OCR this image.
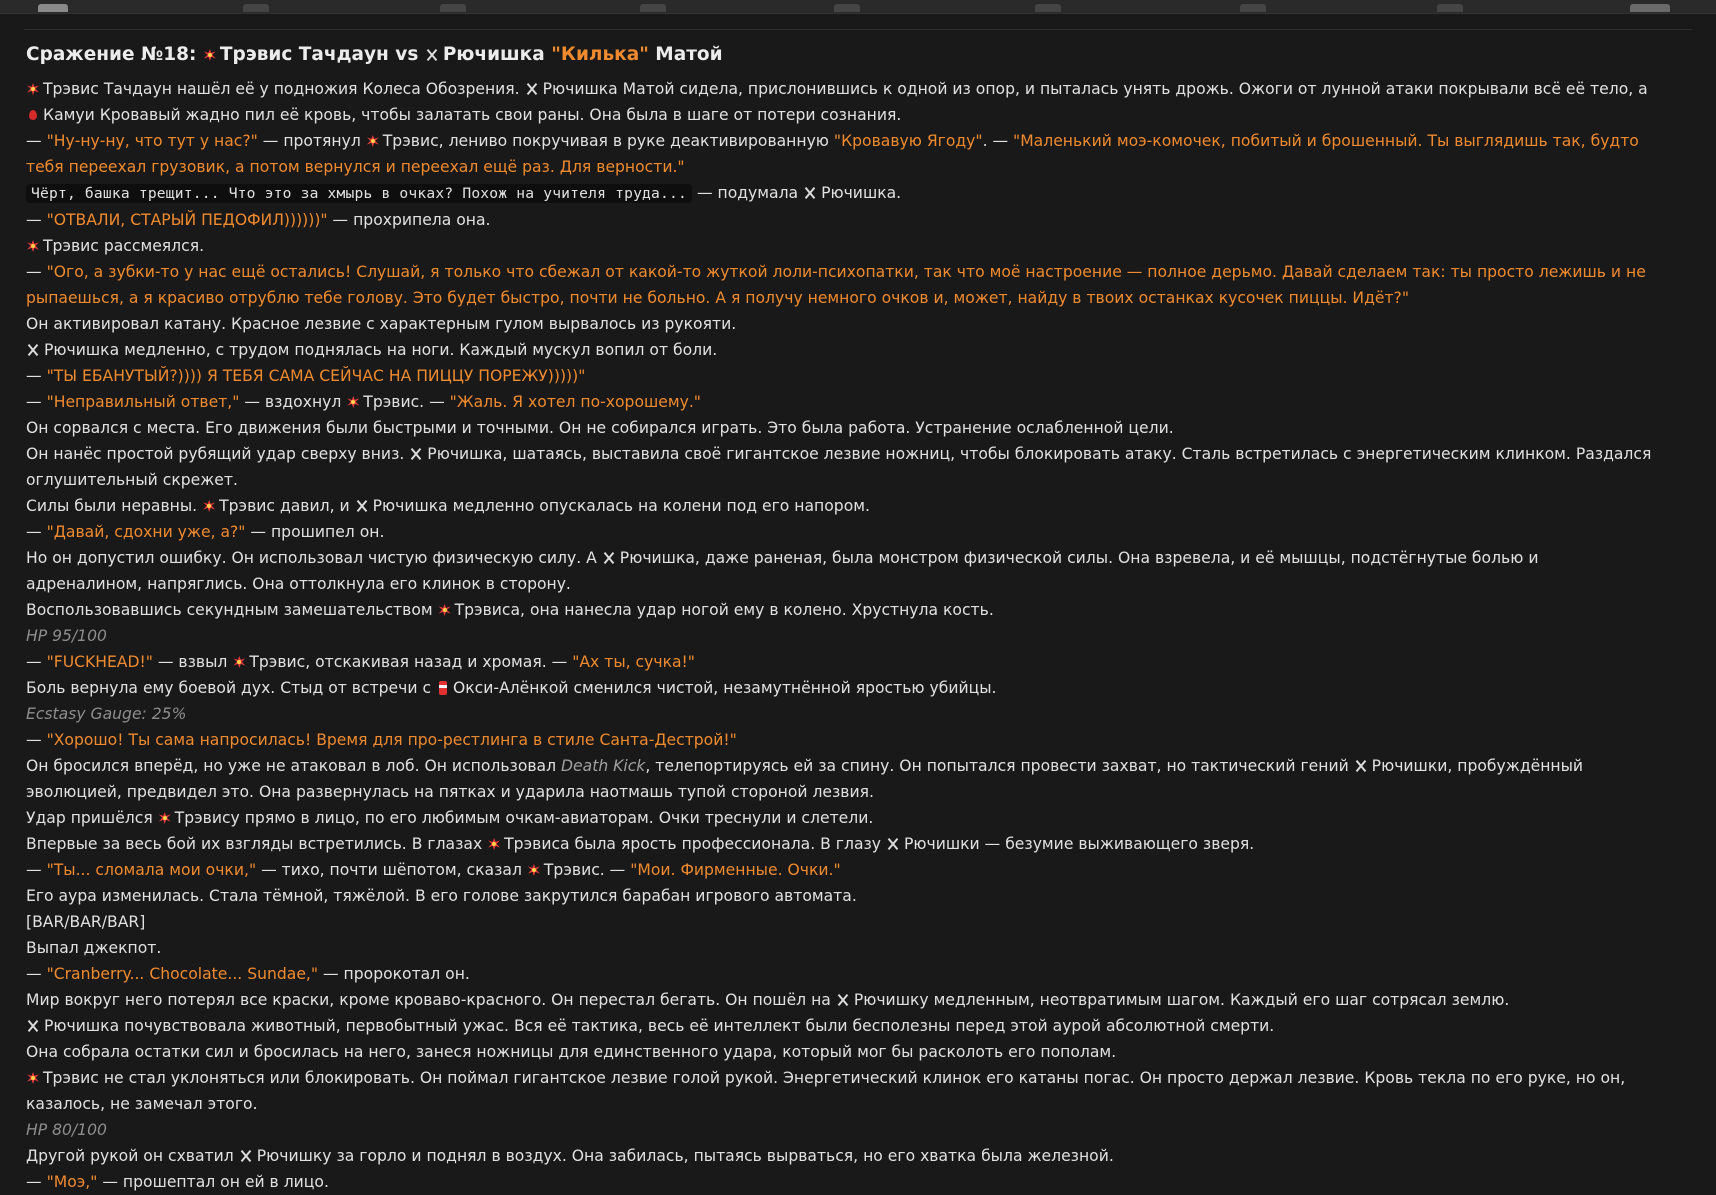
Сражение №18: Трэвис Тачдаун vs Рючишка "Килька" Матой

Трэвис Тачдаун нашёл её у подножия Колеса Обозрения. Рючишка Матой сидела, прислонившись к одной из опор, и пыталась унять дрожь. Ожоги от лунной атаки покрывали всё её тело, а

Камуи Кровавый жадно пил её кровь, чтобы залатать свои раны. Она была в шаге от потери сознания.

— "Ну-ну-ну, что тут у нас?" — протянул Трэвис, лениво покручивая в руке деактивированную "Кровавую Ягоду". — "Маленький моэ-комочек, побитый и брошенный. Ты выглядишь так, будто

тебя переехал грузовик, а потом вернулся и переехал ещё раз. Для верности."

Чёрт, башка трещит... Что это за хмырь в очках? Похож на учителя труда... — подумала Рючишка.

— "ОТВАЛИ, СТАРЫЙ ПЕДОФИЛ))))))" — прохрипела она.

Трэвис рассмеялся.

— "Ого, а зубки-то у нас ещё остались! Слушай, я только что сбежал от какой-то жуткой лоли-психопатки, так что моё настроение — полное дерьмо. Давай сделаем так: ты просто лежишь и не

рыпаешься, а я красиво отрублю тебе голову. Это будет быстро, почти не больно. А я получу немного очков и, может, найду в твоих останках кусочек пиццы. Идёт?"

Он активировал катану. Красное лезвие с характерным гулом вырвалось из рукояти.

Рючишка медленно, с трудом поднялась на ноги. Каждый мускул вопил от боли.

— "ТЫ ЕБАНУТЫЙ?)))) Я ТЕБЯ САМА СЕЙЧАС НА ПИЦЦУ ПОРЕЖУ)))))"

— "Неправильный ответ," — вздохнул Трэвис. — "Жаль. Я хотел по-хорошему."

Он сорвался с места. Его движения были быстрыми и точными. Он не собирался играть. Это была работа. Устранение ослабленной цели.

Он нанёс простой рубящий удар сверху вниз. Рючишка, шатаясь, выставила своё гигантское лезвие ножниц, чтобы блокировать атаку. Сталь встретилась с энергетическим клинком. Раздался

оглушительный скрежет.

Силы были неравны. Трэвис давил, и Рючишка медленно опускалась на колени под его напором.

— "Давай, сдохни уже, а?" — прошипел он.

Но он допустил ошибку. Он использовал чистую физическую силу. А Рючишка, даже раненая, была монстром физической силы. Она взревела, и её мышцы, подстёгнутые болью и

адреналином, напряглись. Она оттолкнула его клинок в сторону.

Воспользовавшись секундным замешательством Трэвиса, она нанесла удар ногой ему в колено. Хрустнула кость.

HP 95/100

— "FUCKHEAD!" — взвыл Трэвис, отскакивая назад и хромая. — "Ах ты, сучка!"

Боль вернула ему боевой дух. Стыд от встречи с Окси-Алёнкой сменился чистой, незамутнённой яростью убийцы.

Ecstasy Gauge: 25%

— "Хорошо! Ты сама напросилась! Время для про-рестлинга в стиле Санта-Дестрой!"

Он бросился вперёд, но уже не атаковал в лоб. Он использовал Death Kick, телепортируясь ей за спину. Он попытался провести захват, но тактический гений Рючишки, пробуждённый

эволюцией, предвидел это. Она развернулась на пятках и ударила наотмашь тупой стороной лезвия.

Удар пришёлся Трэвису прямо в лицо, по его любимым очкам-авиаторам. Очки треснули и слетели.

Впервые за весь бой их взгляды встретились. В глазах Трэвиса была ярость профессионала. В глазу Рючишки — безумие выживающего зверя.

— "Ты... сломала мои очки," — тихо, почти шёпотом, сказал Трэвис. — "Мои. Фирменные. Очки."

Его аура изменилась. Стала тёмной, тяжёлой. В его голове закрутился барабан игрового автомата.

[BAR/BAR/BAR]

Выпал джекпот.

— "Cranberry... Chocolate... Sundae," — пророкотал он.

Мир вокруг него потерял все краски, кроме кроваво-красного. Он перестал бегать. Он пошёл на Рючишку медленным, неотвратимым шагом. Каждый его шаг сотрясал землю.

Рючишка почувствовала животный, первобытный ужас. Вся её тактика, весь её интеллект были бесполезны перед этой аурой абсолютной смерти.

Она собрала остатки сил и бросилась на него, занеся ножницы для единственного удара, который мог бы расколоть его пополам.

Трэвис не стал уклоняться или блокировать. Он поймал гигантское лезвие голой рукой. Энергетический клинок его катаны погас. Он просто держал лезвие. Кровь текла по его руке, но он,

казалось, не замечал этого.

HP 80/100

Другой рукой он схватил Рючишку за горло и поднял в воздух. Она забилась, пытаясь вырваться, но его хватка была железной.

— "Моэ," — прошептал он ей в лицо.
